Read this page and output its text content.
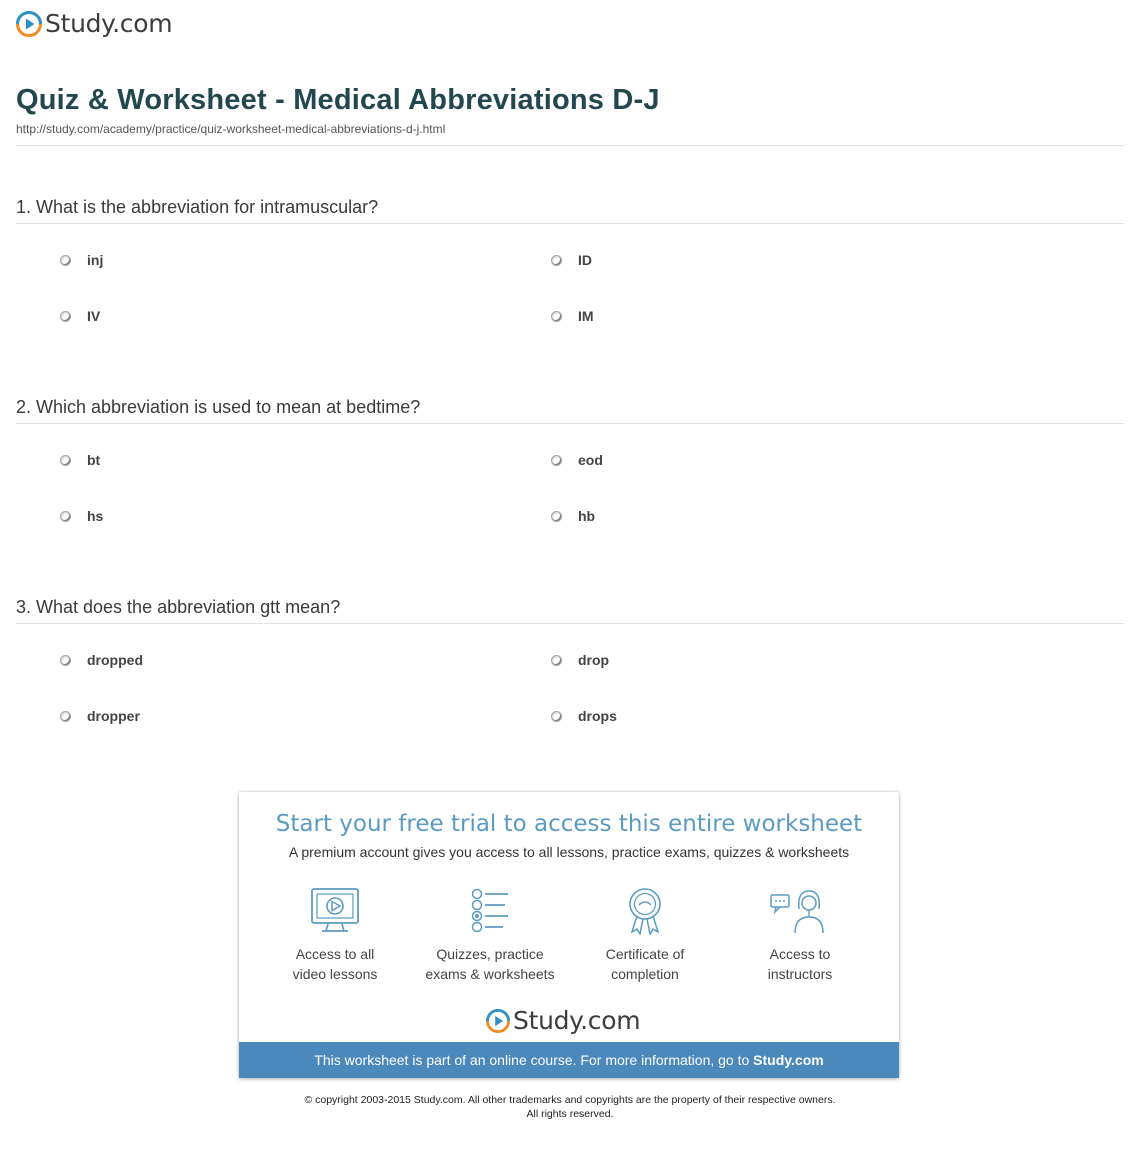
Study.com
Quiz & Worksheet - Medical Abbreviations D-J
http://study.com/academy/practice/quiz-worksheet-medical-abbreviations-d-j.html
1. What is the abbreviation for intramuscular?
inj	ID
IV	IM
2. Which abbreviation is used to mean at bedtime?
bt	eod
hs	hb
3. What does the abbreviation gtt mean?
dropped	drop
dropper	drops
Start your free trial to access this entire worksheet
A premium account gives you access to all lessons, practice exams, quizzes & worksheets
Access to all
video lessons
Quizzes, practice
exams & worksheets
Certificate of
completion
Access to
instructors
Study.com
This worksheet is part of an online course. For more information, go to Study.com
© copyright 2003-2015 Study.com. All other trademarks and copyrights are the property of their respective owners.
All rights reserved.
